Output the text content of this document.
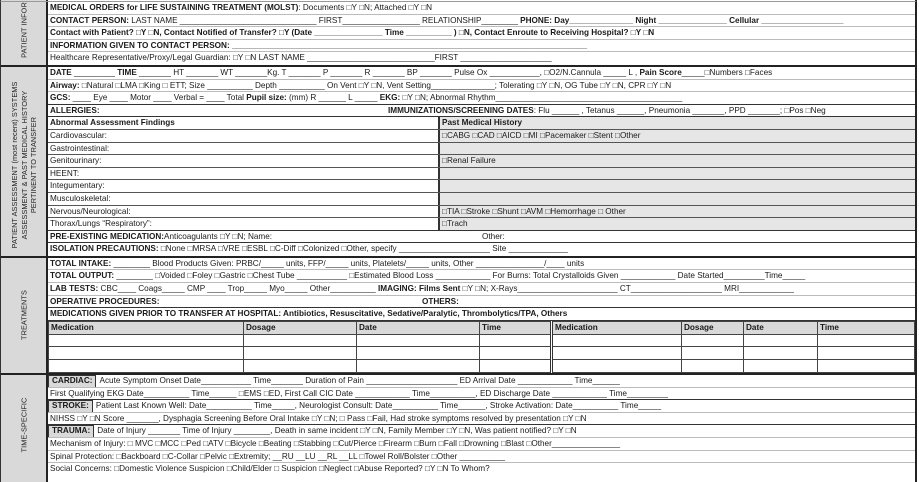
PATIENT INFOR	MEDICAL ORDERS for LIFE SUSTAINING TREATMENT (MOLST): Documents □Y □N; Attached □Y □N
CONTACT PERSON: LAST NAME ______________________________ FIRST_________________ RELATIONSHIP________ PHONE: Day______________ Night _______________ Cellular __________________
Contact with Patient? □Y □N, Contact Notified of Transfer? □Y (Date _______________ Time __________ ) □N, Contact Enroute to Receiving Hospital? □Y □N
INFORMATION GIVEN TO CONTACT PERSON: ______________________________________________________________________________
Healthcare Representative/Proxy/Legal Guardian: □Y □N LAST NAME ____________________________FIRST ____________________
PATIENT ASSESSMENT (most recent) SYSTEMS ASSESSMENT & PAST MEDICAL HISTORY PERTINENT TO TRANSFER
DATE _________ TIME _______ HT _______ WT _______Kg. T _______ P _______ R _______ BP _______ Pulse Ox ___________, □O2/N.Cannula _____ L , Pain Score_____□Numbers □Faces
Airway: □Natural □LMA □King □ ETT; Size __________ Depth __________ On Vent □Y □N, Vent Setting______________; Tolerating □Y □N, OG Tube □Y □N, CPR □Y □N
GCS: ____ Eye ____ Motor ____ Verbal = ____ Total Pupil size: (mm) R ______ L _____ EKG: □Y □N; Abnormal Rhythm_________________________________________
ALLERGIES:	IMMUNIZATIONS/SCREENING DATES : Flu ______ , Tetanus ______, Pneumonia _______, PPD _______; □Pos □Neg
Abnormal Assessment Findings	Past Medical History
Cardiovascular:	□CABG □CAD □AICD □MI □Pacemaker □Stent □Other
Gastrointestinal:
Genitourinary:	□Renal Failure
HEENT:
Integumentary:
Musculoskeletal:
Nervous/Neurological:	□TIA □Stroke □Shunt □AVM □Hemorrhage □ Other
Thorax/Lungs “Respiratory”:	□Trach
PRE-EXISTING MEDICATION: Anticoagulants □Y □N; Name:	Other:
ISOLATION PRECAUTIONS: □None □MRSA □VRE □ESBL □C-Diff □Colonized □Other, specify ____________________ Site _____________
TREATMENTS
TOTAL INTAKE: ________ Blood Products Given: PRBC/_____ units, FFP/_____ units, Platelets/_____ units, Other _______________/____ units
TOTAL OUTPUT: ________ □Voided □Foley □Gastric □Chest Tube ___________ □Estimated Blood Loss ____________ For Burns: Total Crystalloids Given ____________ Date Started_________Time_____
LAB TESTS: CBC____ Coags_____ CMP ____ Trop_____ Myo_____ Other__________ IMAGING: Films Sent □Y □N; X-Rays______________________ CT____________________ MRI____________
OPERATIVE PROCEDURES:	OTHERS:
MEDICATIONS GIVEN PRIOR TO TRANSFER AT HOSPITAL: Antibiotics, Resuscitative, Sedative/Paralytic, Thrombolytics/TPA, Others
Medication	Dosage	Date	Time	Medication	Dosage	Date	Time

TIME-SPECIFIC
CARDIAC: Acute Symptom Onset Date___________ Time_______ Duration of Pain ____________________ ED Arrival Date ____________ Time______
First Qualifying EKG Date__________ Time______ □EMS □ED, First Call CIC Date ____________ Time__________, ED Discharge Date ____________ Time_________
STROKE: Patient Last Known Well: Date__________ Time_____, Neurologist Consult: Date__________ Time______, Stroke Activation: Date__________ Time_____
NIHSS □Y □N Score _______, Dysphagia Screening Before Oral Intake □Y □N; □ Pass □Fail, Had stroke symptoms resolved by presentation □Y □N
TRAUMA: Date of Injury _______ Time of Injury ________, Death in same incident □Y □N, Family Member □Y □N, Was patient notified? □Y □N
Mechanism of Injury: □ MVC □MCC □Ped □ATV □Bicycle □Beating □Stabbing □Cut/Pierce □Firearm □Burn □Fall □Drowning □Blast □Other_______________
Spinal Protection: □Backboard □C-Collar □Pelvic □Extremity; __RU __LU __RL __LL □Towel Roll/Bolster □Other __________
Social Concerns: □Domestic Violence Suspicion □Child/Elder □ Suspicion □Neglect □Abuse Reported? □Y □N To Whom?
